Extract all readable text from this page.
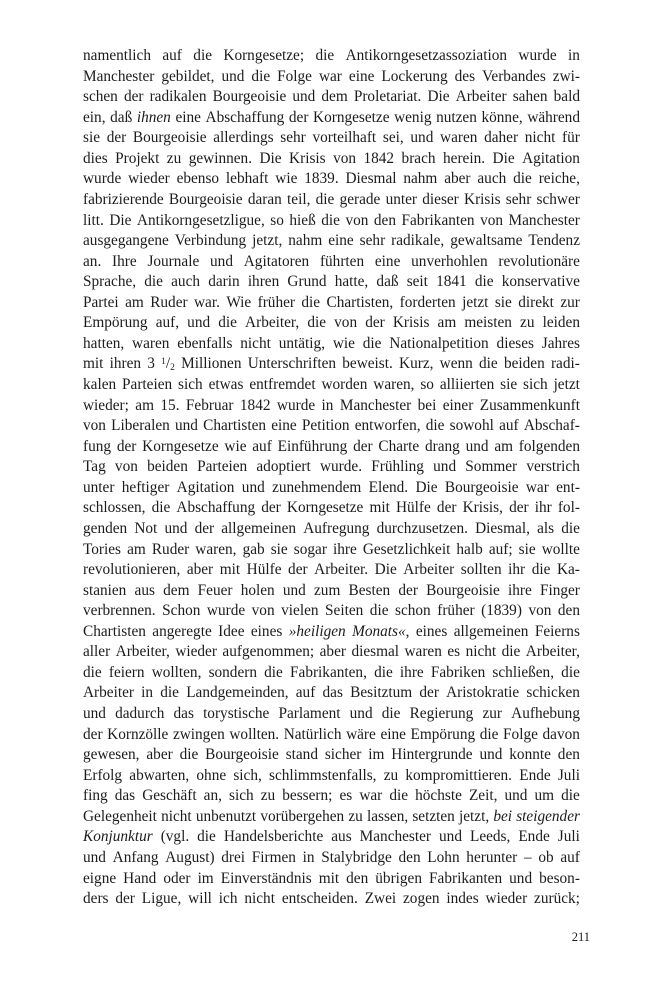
namentlich auf die Korngesetze; die Antikorngesetzassoziation wurde in
Manchester gebildet, und die Folge war eine Lockerung des Verbandes zwi-
schen der radikalen Bourgeoisie und dem Proletariat. Die Arbeiter sahen bald
ein, daß ihnen eine Abschaffung der Korngesetze wenig nutzen könne, während
sie der Bourgeoisie allerdings sehr vorteilhaft sei, und waren daher nicht für
dies Projekt zu gewinnen. Die Krisis von 1842 brach herein. Die Agitation
wurde wieder ebenso lebhaft wie 1839. Diesmal nahm aber auch die reiche,
fabrizierende Bourgeoisie daran teil, die gerade unter dieser Krisis sehr schwer
litt. Die Antikorngesetzligue, so hieß die von den Fabrikanten von Manchester
ausgegangene Verbindung jetzt, nahm eine sehr radikale, gewaltsame Tendenz
an. Ihre Journale und Agitatoren führten eine unverhohlen revolutionäre
Sprache, die auch darin ihren Grund hatte, daß seit 1841 die konservative
Partei am Ruder war. Wie früher die Chartisten, forderten jetzt sie direkt zur
Empörung auf, und die Arbeiter, die von der Krisis am meisten zu leiden
hatten, waren ebenfalls nicht untätig, wie die Nationalpetition dieses Jahres
mit ihren 3 $^1/_2$ Millionen Unterschriften beweist. Kurz, wenn die beiden radi-
kalen Parteien sich etwas entfremdet worden waren, so alliierten sie sich jetzt
wieder; am 15. Februar 1842 wurde in Manchester bei einer Zusammenkunft
von Liberalen und Chartisten eine Petition entworfen, die sowohl auf Abschaf-
fung der Korngesetze wie auf Einführung der Charte drang und am folgenden
Tag von beiden Parteien adoptiert wurde. Frühling und Sommer verstrich
unter heftiger Agitation und zunehmendem Elend. Die Bourgeoisie war ent-
schlossen, die Abschaffung der Korngesetze mit Hülfe der Krisis, der ihr fol-
genden Not und der allgemeinen Aufregung durchzusetzen. Diesmal, als die
Tories am Ruder waren, gab sie sogar ihre Gesetzlichkeit halb auf; sie wollte
revolutionieren, aber mit Hülfe der Arbeiter. Die Arbeiter sollten ihr die Ka-
stanien aus dem Feuer holen und zum Besten der Bourgeoisie ihre Finger
verbrennen. Schon wurde von vielen Seiten die schon früher (1839) von den
Chartisten angeregte Idee eines »heiligen Monats«, eines allgemeinen Feierns
aller Arbeiter, wieder aufgenommen; aber diesmal waren es nicht die Arbeiter,
die feiern wollten, sondern die Fabrikanten, die ihre Fabriken schließen, die
Arbeiter in die Landgemeinden, auf das Besitztum der Aristokratie schicken
und dadurch das torystische Parlament und die Regierung zur Aufhebung
der Kornzölle zwingen wollten. Natürlich wäre eine Empörung die Folge davon
gewesen, aber die Bourgeoisie stand sicher im Hintergrunde und konnte den
Erfolg abwarten, ohne sich, schlimmstenfalls, zu kompromittieren. Ende Juli
fing das Geschäft an, sich zu bessern; es war die höchste Zeit, und um die
Gelegenheit nicht unbenutzt vorübergehen zu lassen, setzten jetzt, bei steigender
Konjunktur (vgl. die Handelsberichte aus Manchester und Leeds, Ende Juli
und Anfang August) drei Firmen in Stalybridge den Lohn herunter – ob auf
eigne Hand oder im Einverständnis mit den übrigen Fabrikanten und beson-
ders der Ligue, will ich nicht entscheiden. Zwei zogen indes wieder zurück;
211
